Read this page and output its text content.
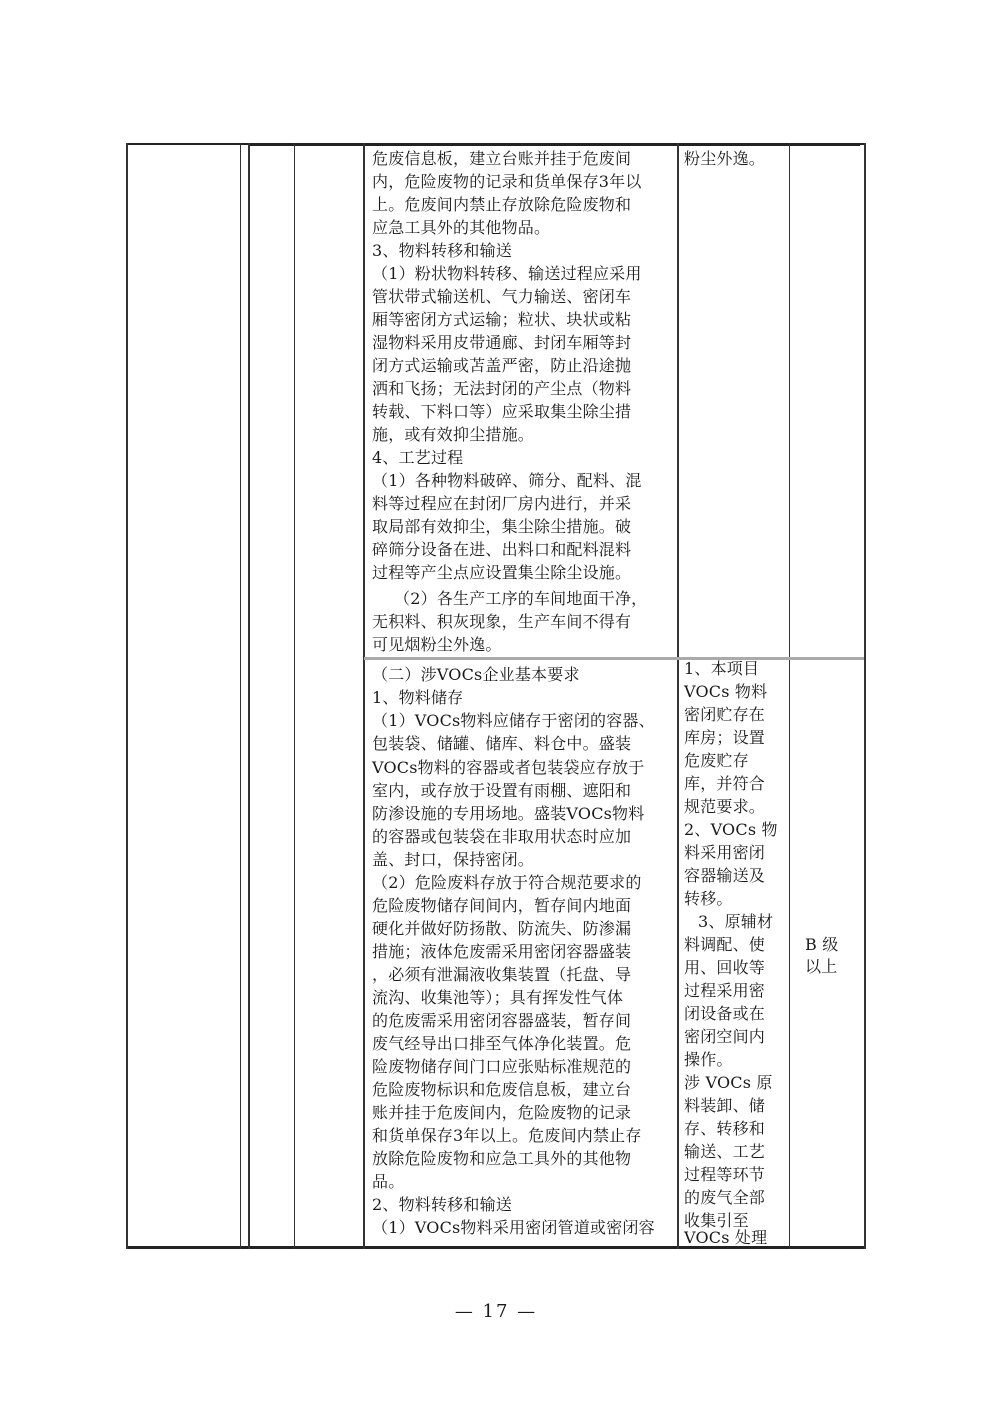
危废信息板，建立台账并挂于危废间
内，危险废物的记录和货单保存3年以
上。危废间内禁止存放除危险废物和
应急工具外的其他物品。
3、物料转移和输送
（1）粉状物料转移、输送过程应采用
管状带式输送机、气力输送、密闭车
厢等密闭方式运输；粒状、块状或粘
湿物料采用皮带通廊、封闭车厢等封
闭方式运输或苫盖严密，防止沿途抛
洒和飞扬；无法封闭的产尘点（物料
转载、下料口等）应采取集尘除尘措
施，或有效抑尘措施。
4、工艺过程
（1）各种物料破碎、筛分、配料、混
料等过程应在封闭厂房内进行，并采
取局部有效抑尘，集尘除尘措施。破
碎筛分设备在进、出料口和配料混料
过程等产尘点应设置集尘除尘设施。
（2）各生产工序的车间地面干净，
无积料、积灰现象，生产车间不得有
可见烟粉尘外逸。
粉尘外逸。
（二）涉VOCs企业基本要求
1、物料储存
（1）VOCs物料应储存于密闭的容器、
包装袋、储罐、储库、料仓中。盛装
VOCs物料的容器或者包装袋应存放于
室内，或存放于设置有雨棚、遮阳和
防渗设施的专用场地。盛装VOCs物料
的容器或包装袋在非取用状态时应加
盖、封口，保持密闭。
（2）危险废料存放于符合规范要求的
危险废物储存间间内，暂存间内地面
硬化并做好防扬散、防流失、防渗漏
措施；液体危废需采用密闭容器盛装
，必须有泄漏液收集装置（托盘、导
流沟、收集池等）；具有挥发性气体
的危废需采用密闭容器盛装，暂存间
废气经导出口排至气体净化装置。危
险废物储存间门口应张贴标准规范的
危险废物标识和危废信息板，建立台
账并挂于危废间内，危险废物的记录
和货单保存3年以上。危废间内禁止存
放除危险废物和应急工具外的其他物
品。
2、物料转移和输送
（1）VOCs物料采用密闭管道或密闭容
1、本项目
VOCs 物料
密闭贮存在
库房；设置
危废贮存
库，并符合
规范要求。
2、VOCs 物
料采用密闭
容器输送及
转移。
3、原辅材
料调配、使
用、回收等
过程采用密
闭设备或在
密闭空间内
操作。
涉 VOCs 原
料装卸、储
存、转移和
输送、工艺
过程等环节
的废气全部
收集引至
VOCs 处理
B 级
以上
— 17 —
